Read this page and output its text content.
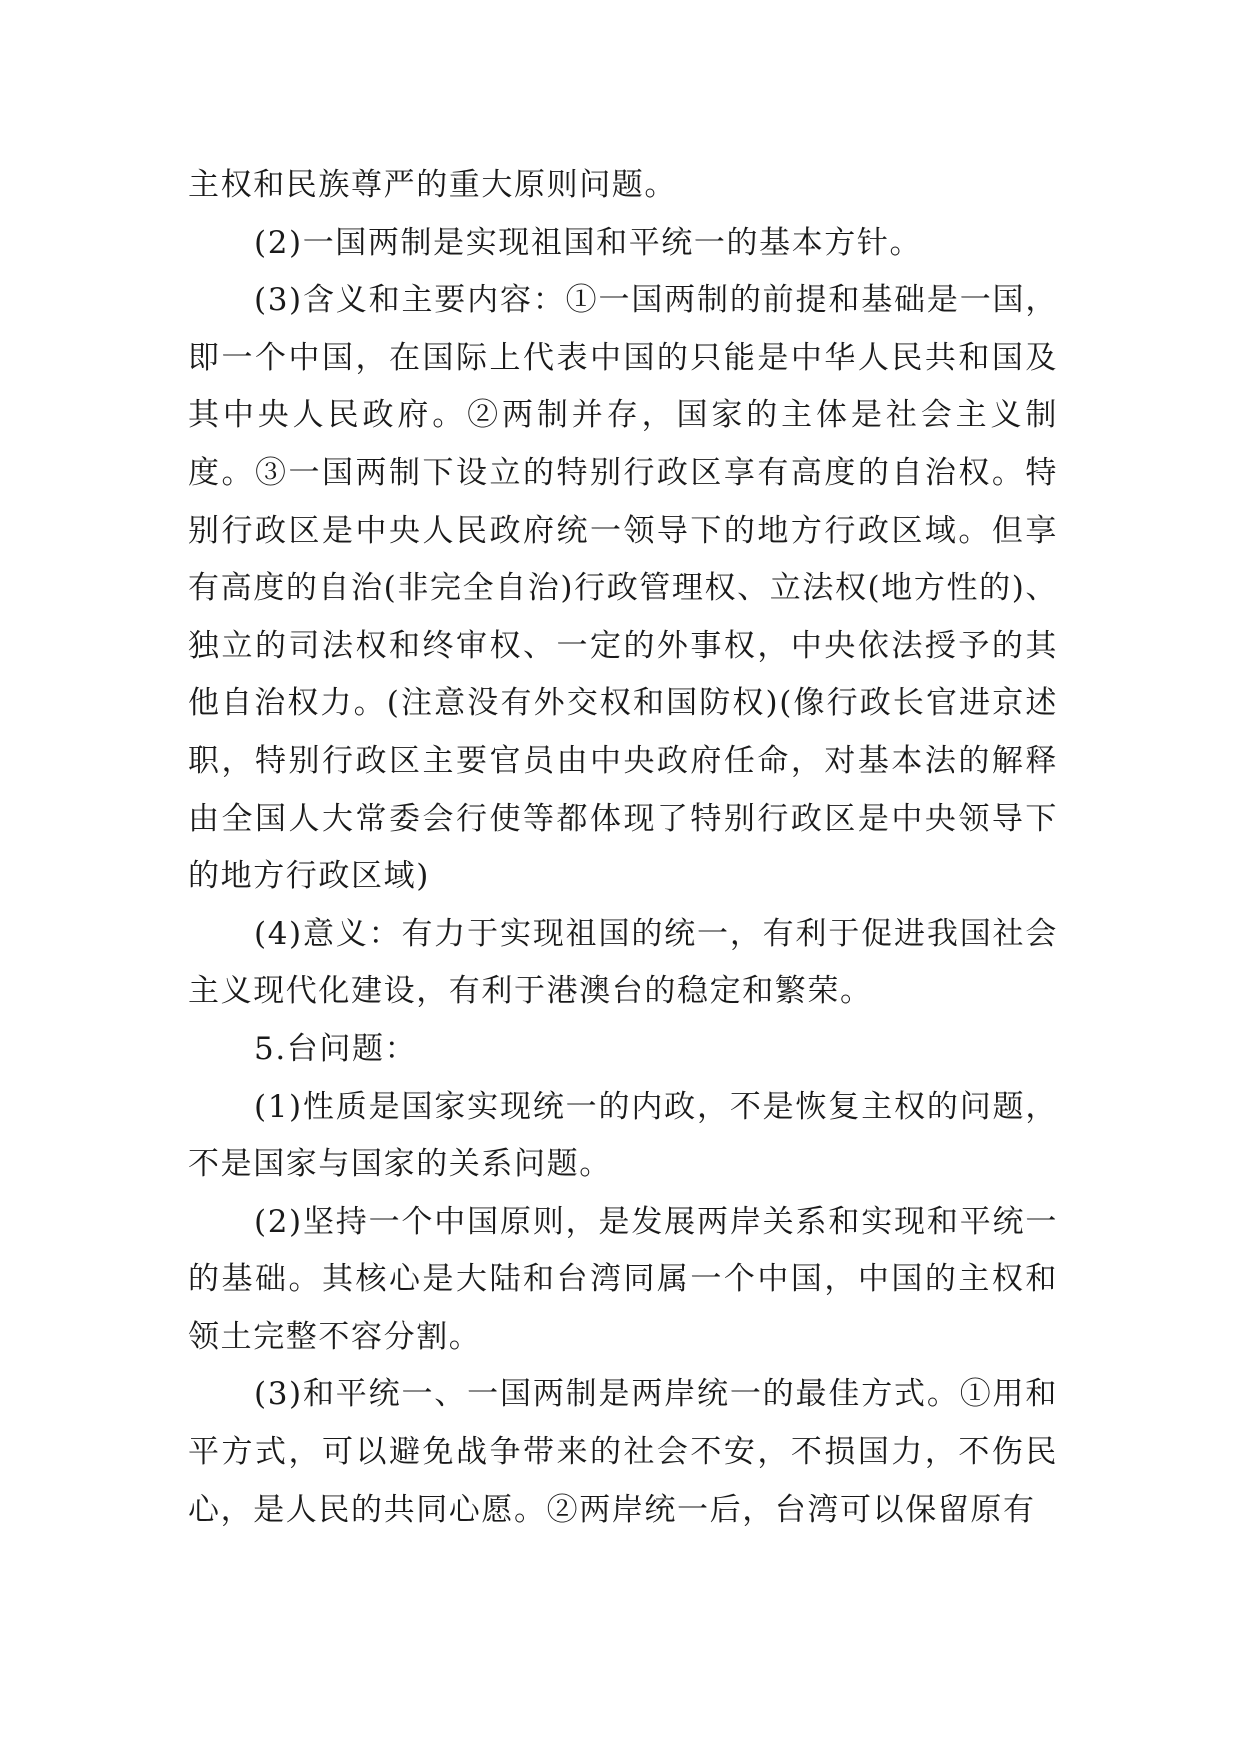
主权和民族尊严的重大原则问题。

(2)一国两制是实现祖国和平统一的基本方针。

(3)含义和主要内容：①一国两制的前提和基础是一国，即一个中国，在国际上代表中国的只能是中华人民共和国及其中央人民政府。②两制并存，国家的主体是社会主义制度。③一国两制下设立的特别行政区享有高度的自治权。特别行政区是中央人民政府统一领导下的地方行政区域。但享有高度的自治(非完全自治)行政管理权、立法权(地方性的)、独立的司法权和终审权、一定的外事权，中央依法授予的其他自治权力。(注意没有外交权和国防权)(像行政长官进京述职，特别行政区主要官员由中央政府任命，对基本法的解释由全国人大常委会行使等都体现了特别行政区是中央领导下的地方行政区域)

(4)意义：有力于实现祖国的统一，有利于促进我国社会主义现代化建设，有利于港澳台的稳定和繁荣。

5.台问题：

(1)性质是国家实现统一的内政，不是恢复主权的问题，不是国家与国家的关系问题。

(2)坚持一个中国原则，是发展两岸关系和实现和平统一的基础。其核心是大陆和台湾同属一个中国，中国的主权和领土完整不容分割。

(3)和平统一、一国两制是两岸统一的最佳方式。①用和平方式，可以避免战争带来的社会不安，不损国力，不伤民心，是人民的共同心愿。②两岸统一后，台湾可以保留原有
